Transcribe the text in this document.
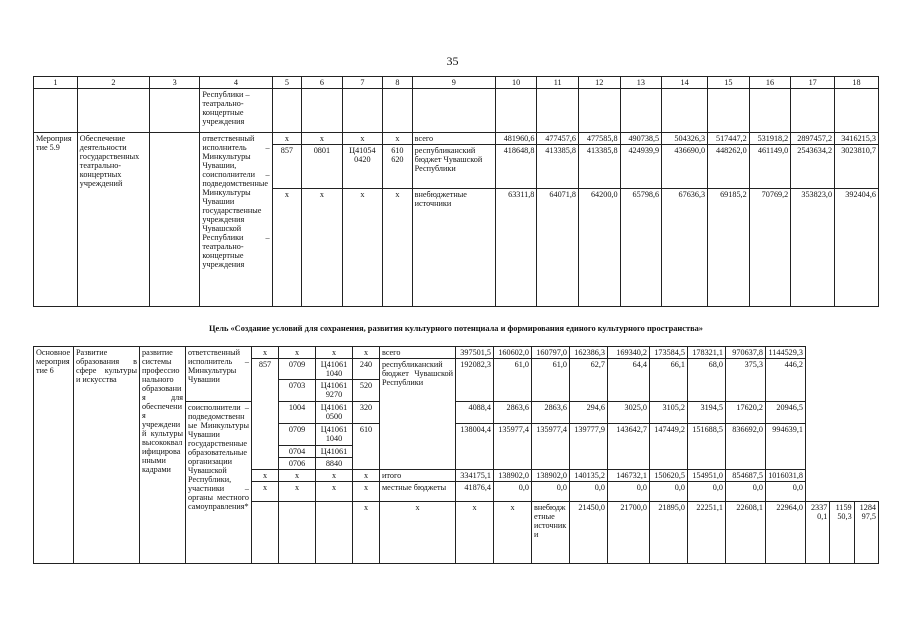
35
1	2	3	4	5	6	7	8	9	10	11	12	13	14	15	16	17	18
			Республики – театрально-концертные учреждения														
Мероприятие 5.9	Обеспечение деятельности государственных театрально-концертных учреждений		ответственный исполнитель – Минкультуры Чувашии, соисполнители – подведомственные Минкультуры Чувашии государственные учреждения Чувашской Республики – театрально-концертные учреждения	x	x	x	x	всего	481960,6	477457,6	477585,8	490738,5	504326,3	517447,2	531918,2	2897457,2	3416215,3
				857	0801	Ц41054 0420	610 620	республиканский бюджет Чувашской Республики	418648,8	413385,8	413385,8	424939,9	436690,0	448262,0	461149,0	2543634,2	3023810,7
				x	x	x	x	внебюджетные источники	63311,8	64071,8	64200,0	65798,6	67636,3	69185,2	70769,2	353823,0	392404,6
Цель «Создание условий для сохранения, развития культурного потенциала и формирования единого культурного пространства»
Основное мероприятие 6	Развитие образования в сфере культуры и искусства	развитие системы профессионального образования для обеспечения учреждений культуры высококвалифицированными кадрами	ответственный исполнитель – Минкультуры Чувашии	x	x	x	x	всего	397501,5	160602,0	160797,0	162386,3	169340,2	173584,5	178321,1	970637,8	1144529,3			
				857	0709	Ц41061 1040	240	республиканский бюджет Чувашской Республики	192082,3	61,0	61,0	62,7	64,4	66,1	68,0	375,3	446,2			
					0703	Ц41061 9270	520													
			соисполнители – подведомственные Минкультуры Чувашии государственные образовательные организации Чувашской Республики, участники – органы местного самоуправления*		1004	Ц41061 0500	320		4088,4	2863,6	2863,6	294,6	3025,0	3105,2	3194,5	17620,2	20946,5			
					0709	Ц41061 1040	610		138004,4	135977,4	135977,4	139777,9	143642,7	147449,2	151688,5	836692,0	994639,1			
					0704	Ц41061														
					0706	8840														
				x	x	x	x	итого	334175,1	138902,0	138902,0	140135,2	146732,1	150620,5	154951,0	854687,5	1016031,8			
				x	x	x	x	местные бюджеты	41876,4	0,0	0,0	0,0	0,0	0,0	0,0	0,0	0,0			
							x	x	x	x	внебюджетные источники	21450,0	21700,0	21895,0	22251,1	22608,1	22964,0	23370,1	115950,3	128497,5
